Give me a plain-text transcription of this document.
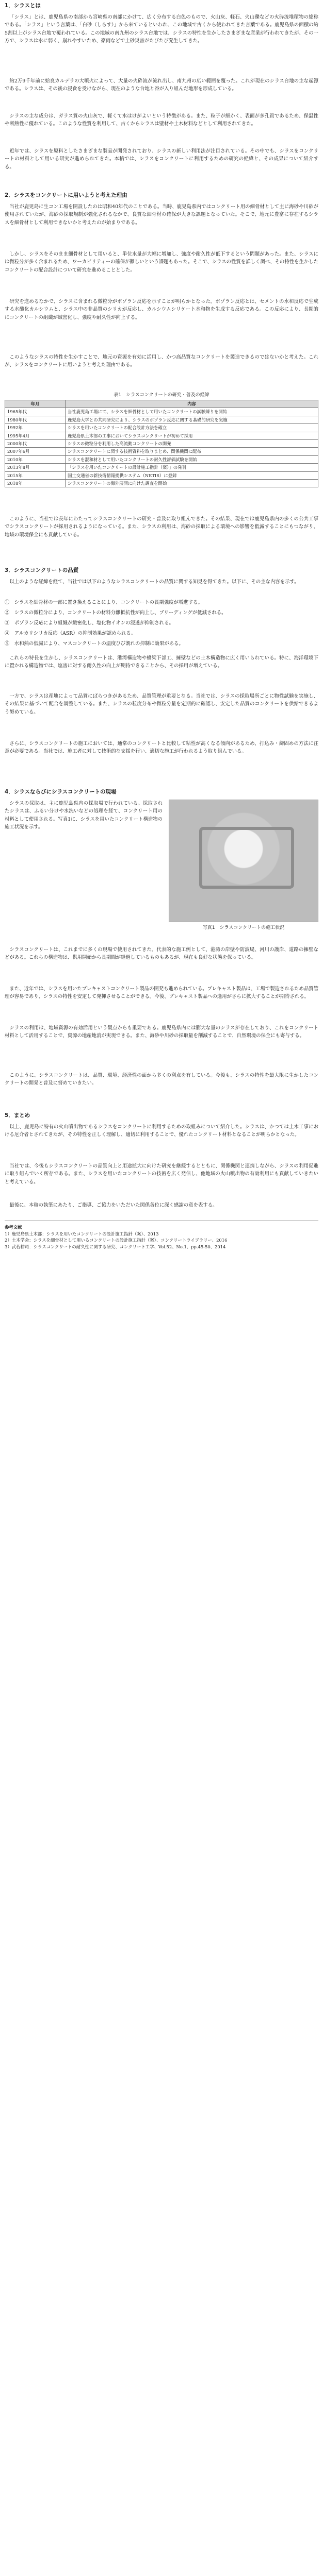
1．シラスとは

「シラス」とは、鹿児島県の南部から宮崎県の南部にかけて、広く分布する白色のもので、火山灰、軽石、火山礫などの火砕流堆積物の総称である。「シラス」という言葉は、「白砂（しらす）」から来ているといわれ、この地域で古くから使われてきた言葉である。鹿児島県の面積の約5割以上がシラス台地で覆われている。この地域の南九州のシラス台地では、シラスの特性を生かしたさまざまな産業が行われてきたが、その一方で、シラスは水に弱く、崩れやすいため、豪雨などで土砂災害がたびたび発生してきた。

約2万9千年前に姶良カルデラの大噴火によって、大量の火砕流が流れ出し、南九州の広い範囲を覆った。これが現在のシラス台地の主な起源である。シラスは、その後の浸食を受けながら、現在のような台地と谷が入り組んだ地形を形成している。

シラスの主な成分は、ガラス質の火山灰で、軽くて水はけがよいという特徴がある。また、粒子が細かく、表面が多孔質であるため、保温性や断熱性に優れている。このような性質を利用して、古くからシラスは壁材や土木材料などとして利用されてきた。

近年では、シラスを原料としたさまざまな製品が開発されており、シラスの新しい利用法が注目されている。その中でも、シラスをコンクリートの材料として用いる研究が進められてきた。本稿では、シラスをコンクリートに利用するための研究の経緯と、その成果について紹介する。

2．シラスをコンクリートに用いようと考えた理由

当社が鹿児島に生コン工場を開設したのは昭和40年代のことである。当時、鹿児島県内ではコンクリート用の細骨材として主に海砂や川砂が使用されていたが、海砂の採取規制が強化されるなかで、良質な細骨材の確保が大きな課題となっていた。そこで、地元に豊富に存在するシラスを細骨材として利用できないかと考えたのが始まりである。

しかし、シラスをそのまま細骨材として用いると、単位水量が大幅に増加し、強度や耐久性が低下するという問題があった。また、シラスには微粒分が多く含まれるため、ワーカビリティーの確保が難しいという課題もあった。そこで、シラスの性質を詳しく調べ、その特性を生かしたコンクリートの配合設計について研究を進めることとした。

研究を進めるなかで、シラスに含まれる微粒分がポゾラン反応を示すことが明らかとなった。ポゾラン反応とは、セメントの水和反応で生成する水酸化カルシウムと、シラス中の非晶質のシリカが反応し、カルシウムシリケート水和物を生成する反応である。この反応により、長期的にコンクリートの組織が緻密化し、強度や耐久性が向上する。

このようなシラスの特性を生かすことで、地元の資源を有効に活用し、かつ高品質なコンクリートを製造できるのではないかと考えた。これが、シラスをコンクリートに用いようと考えた理由である。

表1　シラスコンクリートの研究・普及の経緯
年月	内容
1965年代	当社鹿児島工場にて、シラスを細骨材として用いたコンクリートの試験練りを開始
1980年代	鹿児島大学との共同研究により、シラスのポゾラン反応に関する基礎的研究を実施
1992年	シラスを用いたコンクリートの配合設計方法を確立
1995年4月	鹿児島県土木部の工事においてシラスコンクリートが初めて採用
2000年代	シラスの微粒分を利用した高流動コンクリートの開発
2007年6月	シラスコンクリートに関する技術資料を取りまとめ、関係機関に配布
2010年	シラスを混和材として用いたコンクリートの耐久性評価試験を開始
2013年8月	「シラスを用いたコンクリートの設計施工指針（案）」の発刊
2015年	国土交通省の新技術情報提供システム（NETIS）に登録
2018年	シラスコンクリートの海外展開に向けた調査を開始

このように、当社では長年にわたってシラスコンクリートの研究・普及に取り組んできた。その結果、現在では鹿児島県内の多くの公共工事でシラスコンクリートが採用されるようになっている。また、シラスの利用は、海砂の採取による環境への影響を低減することにもつながり、地域の環境保全にも貢献している。

3．シラスコンクリートの品質

以上のような経緯を経て、当社では以下のようなシラスコンクリートの品質に関する知見を得てきた。以下に、その主な内容を示す。

①　シラスを細骨材の一部に置き換えることにより、コンクリートの長期強度が増進する。

②　シラスの微粒分により、コンクリートの材料分離抵抗性が向上し、ブリーディングが低減される。

③　ポゾラン反応により組織が緻密化し、塩化物イオンの浸透が抑制される。

④　アルカリシリカ反応（ASR）の抑制効果が認められる。

⑤　水和熱の低減により、マスコンクリートの温度ひび割れの抑制に効果がある。

これらの特長を生かし、シラスコンクリートは、港湾構造物や橋梁下部工、擁壁などの土木構造物に広く用いられている。特に、海洋環境下に置かれる構造物では、塩害に対する耐久性の向上が期待できることから、その採用が増えている。

一方で、シラスは産地によって品質にばらつきがあるため、品質管理が重要となる。当社では、シラスの採取場所ごとに物性試験を実施し、その結果に基づいて配合を調整している。また、シラスの粒度分布や微粒分量を定期的に確認し、安定した品質のコンクリートを供給できるよう努めている。

さらに、シラスコンクリートの施工においては、通常のコンクリートと比較して粘性が高くなる傾向があるため、打込み・締固めの方法に注意が必要である。当社では、施工者に対して技術的な支援を行い、適切な施工が行われるよう取り組んでいる。

4．シラスならびにシラスコンクリートの現場

写真1　シラスコンクリートの施工状況

シラスの採取は、主に鹿児島県内の採取場で行われている。採取されたシラスは、ふるい分けや水洗いなどの処理を経て、コンクリート用の材料として使用される。写真1に、シラスを用いたコンクリート構造物の施工状況を示す。

シラスコンクリートは、これまでに多くの現場で使用されてきた。代表的な施工例として、港湾の岸壁や防波堤、河川の護岸、道路の擁壁などがある。これらの構造物は、供用開始から長期間が経過しているものもあるが、現在も良好な状態を保っている。

また、近年では、シラスを用いたプレキャストコンクリート製品の開発も進められている。プレキャスト製品は、工場で製造されるため品質管理が容易であり、シラスの特性を安定して発揮させることができる。今後、プレキャスト製品への適用がさらに拡大することが期待される。

シラスの利用は、地域資源の有効活用という観点からも重要である。鹿児島県内には膨大な量のシラスが存在しており、これをコンクリート材料として活用することで、資源の地産地消が実現できる。また、海砂や川砂の採取量を削減することで、自然環境の保全にも寄与する。

このように、シラスコンクリートは、品質、環境、経済性の面から多くの利点を有している。今後も、シラスの特性を最大限に生かしたコンクリートの開発と普及に努めていきたい。

5．まとめ

以上、鹿児島に特有の火山噴出物であるシラスをコンクリートに利用するための取組みについて紹介した。シラスは、かつては土木工事における厄介者とされてきたが、その特性を正しく理解し、適切に利用することで、優れたコンクリート材料となることが明らかとなった。

当社では、今後もシラスコンクリートの品質向上と用途拡大に向けた研究を継続するとともに、関係機関と連携しながら、シラスの利用促進に取り組んでいく所存である。また、シラスを用いたコンクリートの技術を広く発信し、他地域の火山噴出物の有効利用にも貢献していきたいと考えている。

最後に、本稿の執筆にあたり、ご指導、ご協力をいただいた関係各位に深く感謝の意を表する。

参考文献
1）鹿児島県土木部：シラスを用いたコンクリートの設計施工指針（案）、2013
2）土木学会：シラスを細骨材として用いるコンクリートの設計施工指針（案）、コンクリートライブラリー、2016
3）武若耕司：シラスコンクリートの耐久性に関する研究、コンクリート工学、Vol.52、No.1、pp.45-50、2014
